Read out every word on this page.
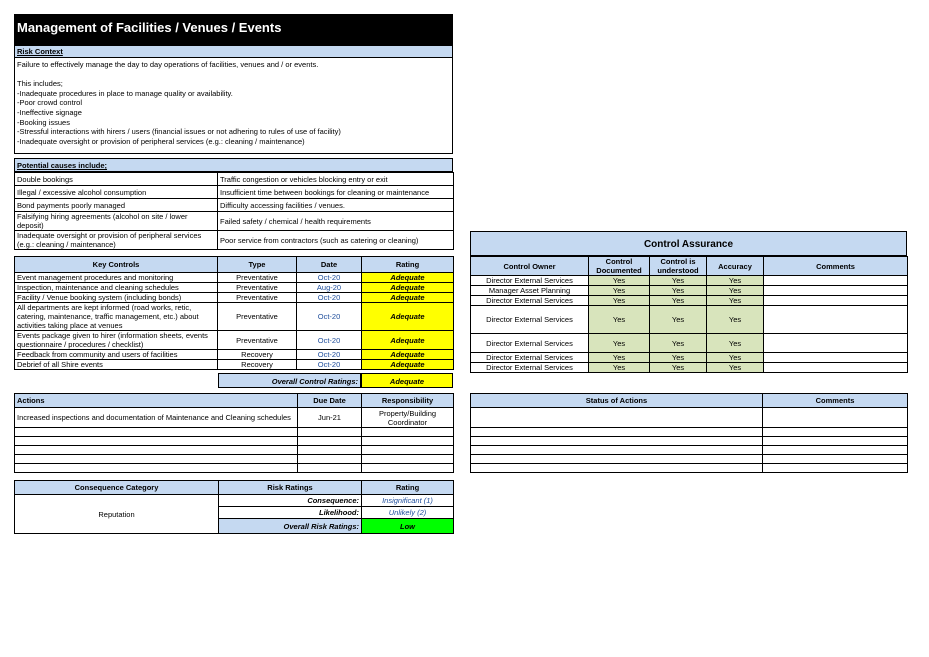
Management of Facilities / Venues / Events
Risk Context
Failure to effectively manage the day to day operations of facilities, venues and / or events.
This includes;
-Inadequate procedures in place to manage quality or availability.
-Poor crowd control
-Ineffective signage
-Booking issues
-Stressful interactions with hirers / users (financial issues or not adhering to rules of use of facility)
-Inadequate oversight or provision of peripheral services (e.g.: cleaning / maintenance)
Potential causes include;
Double bookings	Traffic congestion or vehicles blocking entry or exit
Illegal / excessive alcohol consumption	Insufficient time between bookings for cleaning or maintenance
Bond payments poorly managed	Difficulty accessing facilities / venues.
Falsifying hiring agreements (alcohol on site / lower deposit)	Failed safety / chemical / health requirements
Inadequate oversight or provision of peripheral services (e.g.: cleaning / maintenance)	Poor service from contractors (such as catering or cleaning)
Key Controls	Type	Date	Rating
Event management procedures and monitoring	Preventative	Oct-20	Adequate
Inspection, maintenance and cleaning schedules	Preventative	Aug-20	Adequate
Facility / Venue booking system (including bonds)	Preventative	Oct-20	Adequate
All departments are kept informed (road works, retic, catering, maintenance, traffic management, etc.) about activities taking place at venues	Preventative	Oct-20	Adequate
Events package given to hirer (information sheets, events questionnaire / procedures / checklist)	Preventative	Oct-20	Adequate
Feedback from community and users of facilities	Recovery	Oct-20	Adequate
Debrief of all Shire events	Recovery	Oct-20	Adequate
Overall Control Ratings:	Adequate
Control Assurance
Control Owner	Control Documented	Control is understood	Accuracy	Comments
Director External Services	Yes	Yes	Yes	
Manager Asset Planning	Yes	Yes	Yes	
Director External Services	Yes	Yes	Yes	
Director External Services	Yes	Yes	Yes	
Director External Services	Yes	Yes	Yes	
Director External Services	Yes	Yes	Yes	
Director External Services	Yes	Yes	Yes	
Actions	Due Date	Responsibility
Increased inspections and documentation of Maintenance and Cleaning schedules	Jun-21	Property/Building Coordinator

Status of Actions	Comments

Consequence Category	Risk Ratings	Rating
Reputation	Consequence:	Insignificant (1)
	Likelihood:	Unlikely (2)
	Overall Risk Ratings:	Low
